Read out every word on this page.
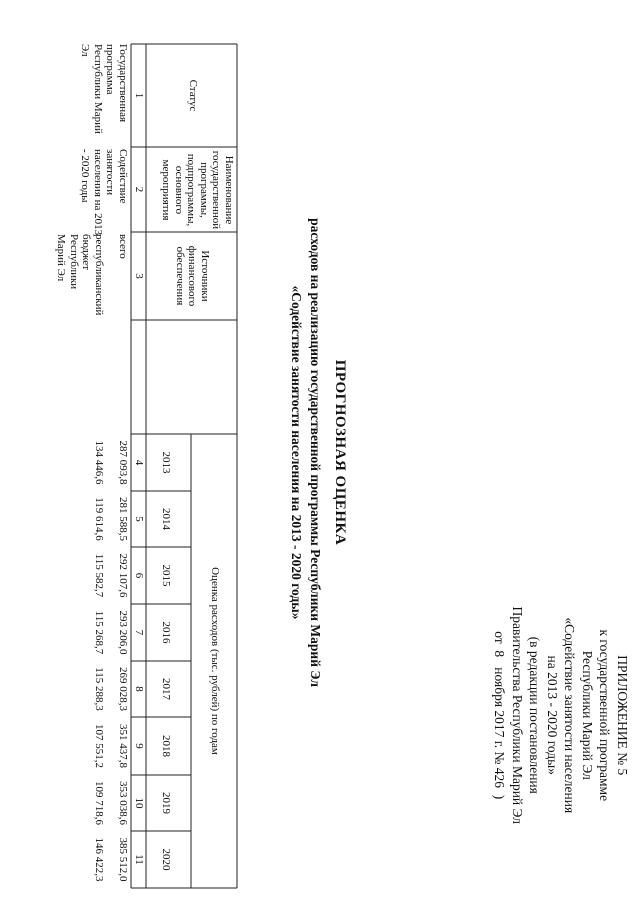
ПРИЛОЖЕНИЕ № 5
к государственной программе
Республики Марий Эл
«Содействие занятости населения
на 2013 - 2020 годы»
(в редакции постановления
Правительства Республики Марий Эл
от  8   ноября 2017 г. № 426  )
ПРОГНОЗНАЯ ОЦЕНКА
расходов на реализацию государственной программы Республики Марий Эл
«Содействие занятости населения на 2013 - 2020 годы»
Статус
Наименование государственной программы, подпрограммы, основного мероприятия
Источники финансового обеспечения
Оценка расходов (тыс. рублей) по годам
2013
2014
2015
2016
2017
2018
2019
2020
1
2
3
4
5
6
7
8
9
10
11
Государственная программа Республики Марий Эл
Содействие занятости населения на 2013 - 2020 годы
всего
республиканский бюджет Республики Марий Эл
287 093,8
281 588,5
292 107,6
293 206,0
269 028,3
351 437,8
353 038,6
385 512,0
134 446,6
119 614,6
115 582,7
115 268,7
115 288,3
107 551,2
109 718,6
146 422,3
